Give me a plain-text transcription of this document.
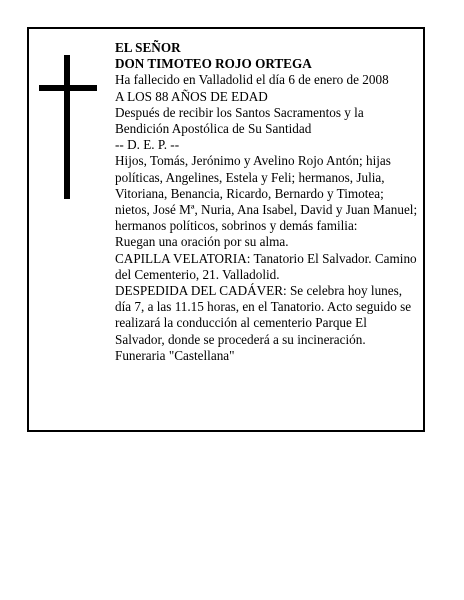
EL SEÑOR

DON TIMOTEO ROJO ORTEGA

Ha fallecido en Valladolid el día 6 de enero de 2008

A LOS 88 AÑOS DE EDAD

Después de recibir los Santos Sacramentos y la Bendición Apostólica de Su Santidad

-- D. E. P. --

Hijos, Tomás, Jerónimo y Avelino Rojo Antón; hijas políticas, Angelines, Estela y Feli; hermanos, Julia, Vitoriana, Benancia, Ricardo, Bernardo y Timotea; nietos, José Mª, Nuria, Ana Isabel, David y Juan Manuel; hermanos políticos, sobrinos y demás familia:

Ruegan una oración por su alma.

CAPILLA VELATORIA: Tanatorio El Salvador. Camino del Cementerio, 21. Valladolid.

DESPEDIDA DEL CADÁVER: Se celebra hoy lunes, día 7, a las 11.15 horas, en el Tanatorio. Acto seguido se realizará la conducción al cementerio Parque El Salvador, donde se procederá a su incineración.

Funeraria "Castellana"
